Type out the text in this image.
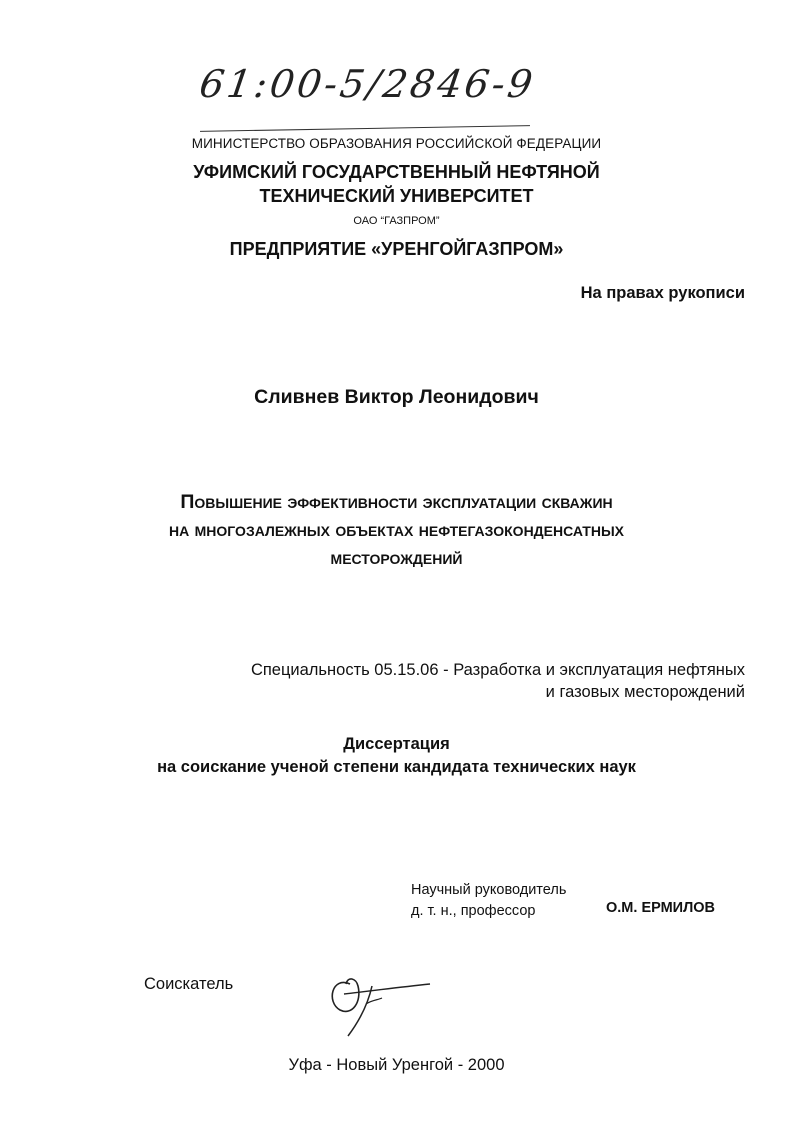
61:00-5/2846-9
МИНИСТЕРСТВО ОБРАЗОВАНИЯ РОССИЙСКОЙ ФЕДЕРАЦИИ
УФИМСКИЙ ГОСУДАРСТВЕННЫЙ НЕФТЯНОЙ
ТЕХНИЧЕСКИЙ УНИВЕРСИТЕТ
ОАО “ГАЗПРОМ”
ПРЕДПРИЯТИЕ «УРЕНГОЙГАЗПРОМ»
На правах рукописи
Сливнев Виктор Леонидович
Повышение эффективности эксплуатации скважин
на многозалежных объектах нефтегазоконденсатных
месторождений
Специальность 05.15.06 - Разработка и эксплуатация нефтяных
и газовых месторождений
Диссертация
на соискание ученой степени кандидата технических наук
Научный руководитель
д. т. н., профессор	О.М. ЕРМИЛОВ
Соискатель
Уфа - Новый Уренгой - 2000
